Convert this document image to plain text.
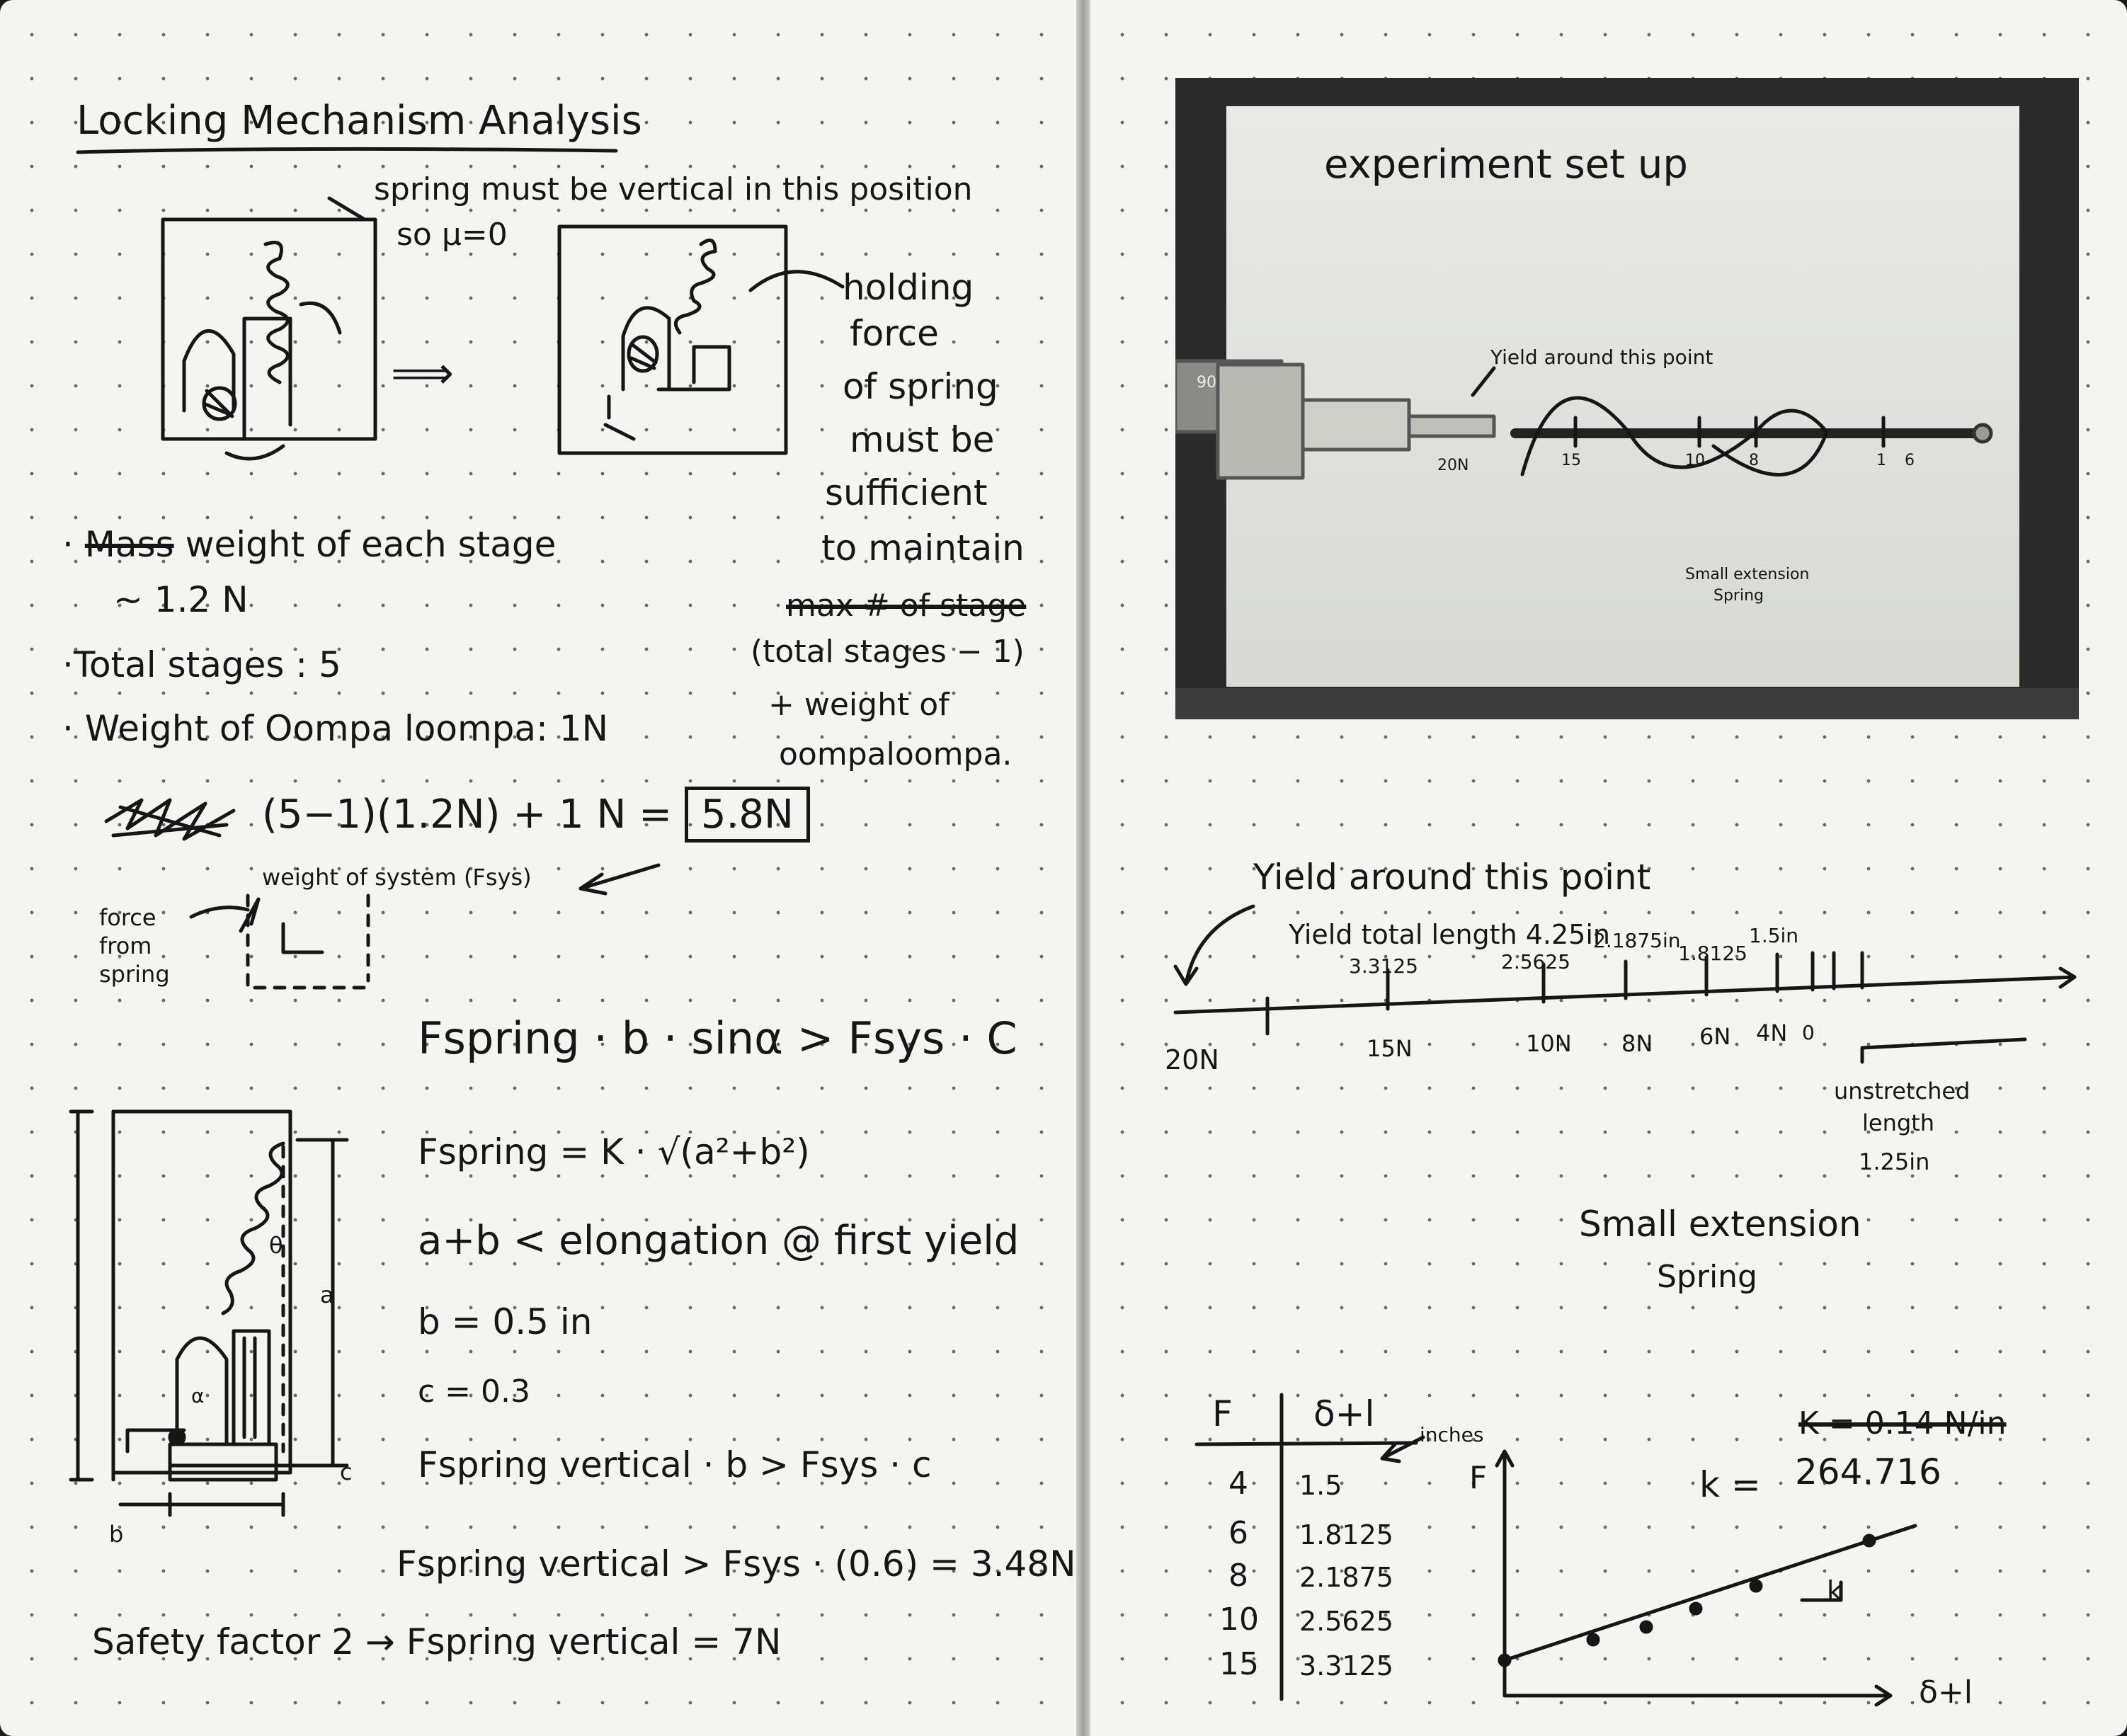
Locking Mechanism Analysis
spring must be vertical in this position
so μ=0
⟹
holding
force
of spring
must be
sufficient
to maintain
max # of stage
(total stages − 1)
+ weight of
oompaloompa.
· Mass weight of each stage
~ 1.2 N
·Total stages : 5
· Weight of Oompa loompa: 1N
(5−1)(1.2N) + 1 N = 5.8N
weight of system (Fsys)
force
from
spring
Fspring · b · sinα > Fsys · C
Fspring = K · √(a²+b²)
a+b < elongation @ first yield
b = 0.5 in
c = 0.3
Fspring vertical · b > Fsys · c
Fspring vertical > Fsys · (0.6) = 3.48N
Safety factor 2 → Fspring vertical = 7N
a
b
c
θ
α
experiment set up
Yield around this point
Small extension
Spring
90
20N	15	10	8	1 6
Yield around this point
Yield total length 4.25in
3.3125	2.5625
2.1875in
1.8125
1.5in
20N	15N	10N 8N 6N 4N 0
unstretched
length
1.25in
Small extension
Spring
F δ+l
inches
4 1.5
6 1.8125
8 2.1875
10 2.5625
15 3.3125
K = 0.14 N/in
k = 264.716
F
δ+l
k
